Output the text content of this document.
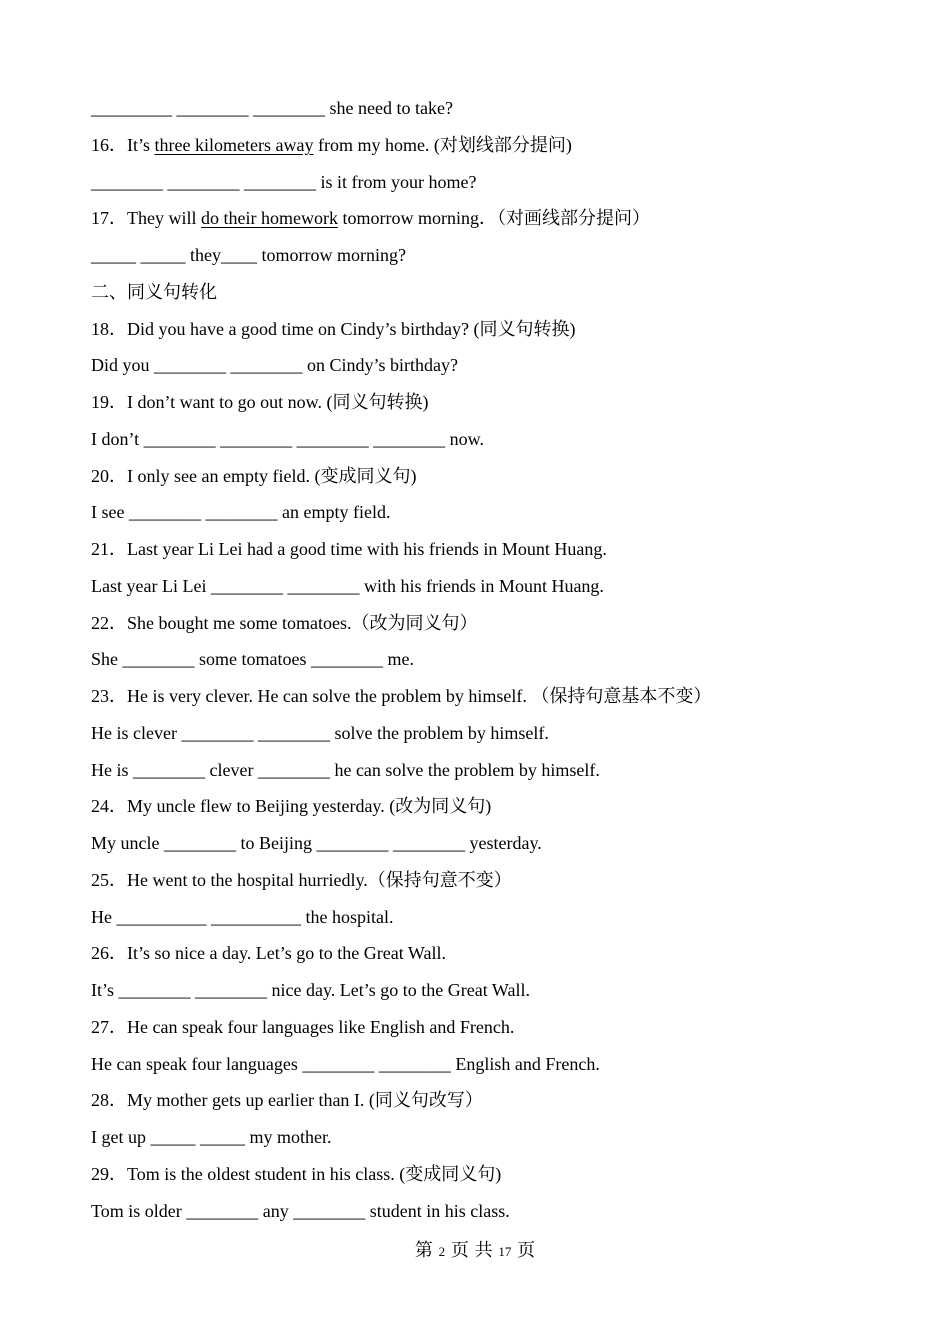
_________ ________ ________ she need to take?
16．It’s three kilometers away from my home. (对划线部分提问)
________ ________ ________ is it from your home?
17．They will do their homework tomorrow morning．（对画线部分提问）
_____ _____ they____ tomorrow morning?
二、同义句转化
18．Did you have a good time on Cindy’s birthday? (同义句转换)
Did you ________ ________ on Cindy’s birthday?
19．I don’t want to go out now. (同义句转换)
I don’t ________ ________ ________ ________ now.
20．I only see an empty field. (变成同义句)
I see ________ ________ an empty field.
21．Last year Li Lei had a good time with his friends in Mount Huang.
Last year Li Lei ________ ________ with his friends in Mount Huang.
22．She bought me some tomatoes.（改为同义句）
She ________ some tomatoes ________ me.
23．He is very clever. He can solve the problem by himself. （保持句意基本不变）
He is clever ________ ________ solve the problem by himself.
He is ________ clever ________ he can solve the problem by himself.
24．My uncle flew to Beijing yesterday. (改为同义句)
My uncle ________ to Beijing ________ ________ yesterday.
25．He went to the hospital hurriedly.（保持句意不变）
He __________ __________ the hospital.
26．It’s so nice a day. Let’s go to the Great Wall.
It’s ________ ________ nice day. Let’s go to the Great Wall.
27．He can speak four languages like English and French.
He can speak four languages ________ ________ English and French.
28．My mother gets up earlier than I. (同义句改写）
I get up _____ _____ my mother.
29．Tom is the oldest student in his class. (变成同义句)
Tom is older ________ any ________ student in his class.
第 2 页 共 17 页
